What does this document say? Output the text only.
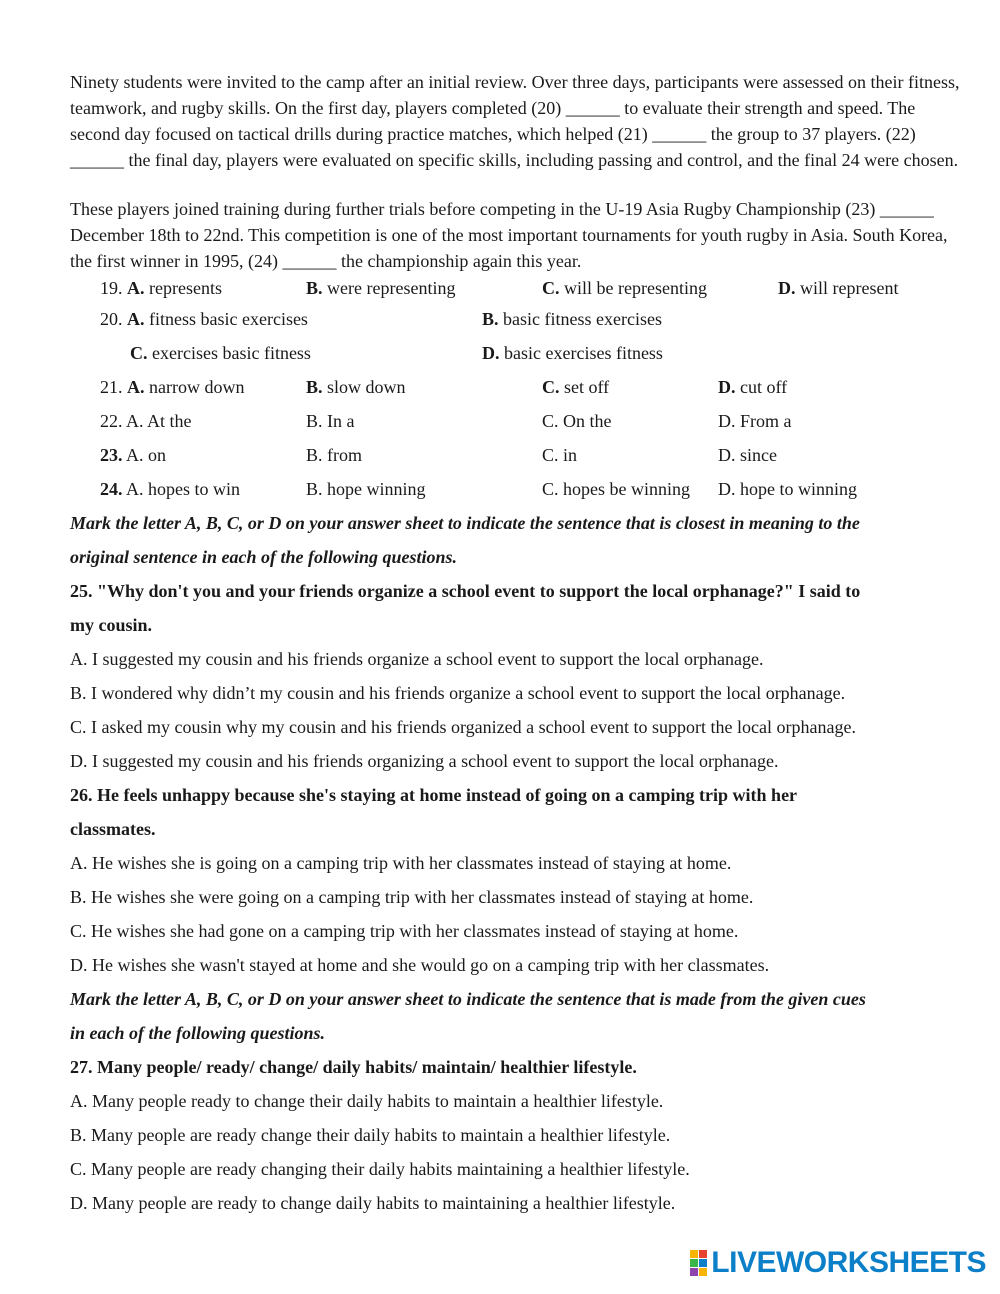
Ninety students were invited to the camp after an initial review. Over three days, participants were assessed on their fitness, teamwork, and rugby skills. On the first day, players completed (20) ______ to evaluate their strength and speed. The second day focused on tactical drills during practice matches, which helped (21) ______ the group to 37 players. (22) ______ the final day, players were evaluated on specific skills, including passing and control, and the final 24 were chosen.

These players joined training during further trials before competing in the U-19 Asia Rugby Championship (23) ______ December 18th to 22nd. This competition is one of the most important tournaments for youth rugby in Asia. South Korea, the first winner in 1995, (24) ______ the championship again this year.

19. A. represents	B. were representing	C. will be representing	D. will represent
20. A. fitness basic exercises	B. basic fitness exercises
C. exercises basic fitness	D. basic exercises fitness
21. A. narrow down	B. slow down	C. set off	D. cut off
22. A. At the	B. In a	C. On the	D. From a
23. A. on	B. from	C. in	D. since
24. A. hopes to win	B. hope winning	C. hopes be winning	D. hope to winning
Mark the letter A, B, C, or D on your answer sheet to indicate the sentence that is closest in meaning to the
original sentence in each of the following questions.
25. "Why don't you and your friends organize a school event to support the local orphanage?" I said to
my cousin.
A. I suggested my cousin and his friends organize a school event to support the local orphanage.
B. I wondered why didn’t my cousin and his friends organize a school event to support the local orphanage.
C. I asked my cousin why my cousin and his friends organized a school event to support the local orphanage.
D. I suggested my cousin and his friends organizing a school event to support the local orphanage.
26. He feels unhappy because she's staying at home instead of going on a camping trip with her
classmates.
A. He wishes she is going on a camping trip with her classmates instead of staying at home.
B. He wishes she were going on a camping trip with her classmates instead of staying at home.
C. He wishes she had gone on a camping trip with her classmates instead of staying at home.
D. He wishes she wasn't stayed at home and she would go on a camping trip with her classmates.
Mark the letter A, B, C, or D on your answer sheet to indicate the sentence that is made from the given cues
in each of the following questions.
27. Many people/ ready/ change/ daily habits/ maintain/ healthier lifestyle.
A. Many people ready to change their daily habits to maintain a healthier lifestyle.
B. Many people are ready change their daily habits to maintain a healthier lifestyle.
C. Many people are ready changing their daily habits maintaining a healthier lifestyle.
D. Many people are ready to change daily habits to maintaining a healthier lifestyle.
LIVEWORKSHEETS
